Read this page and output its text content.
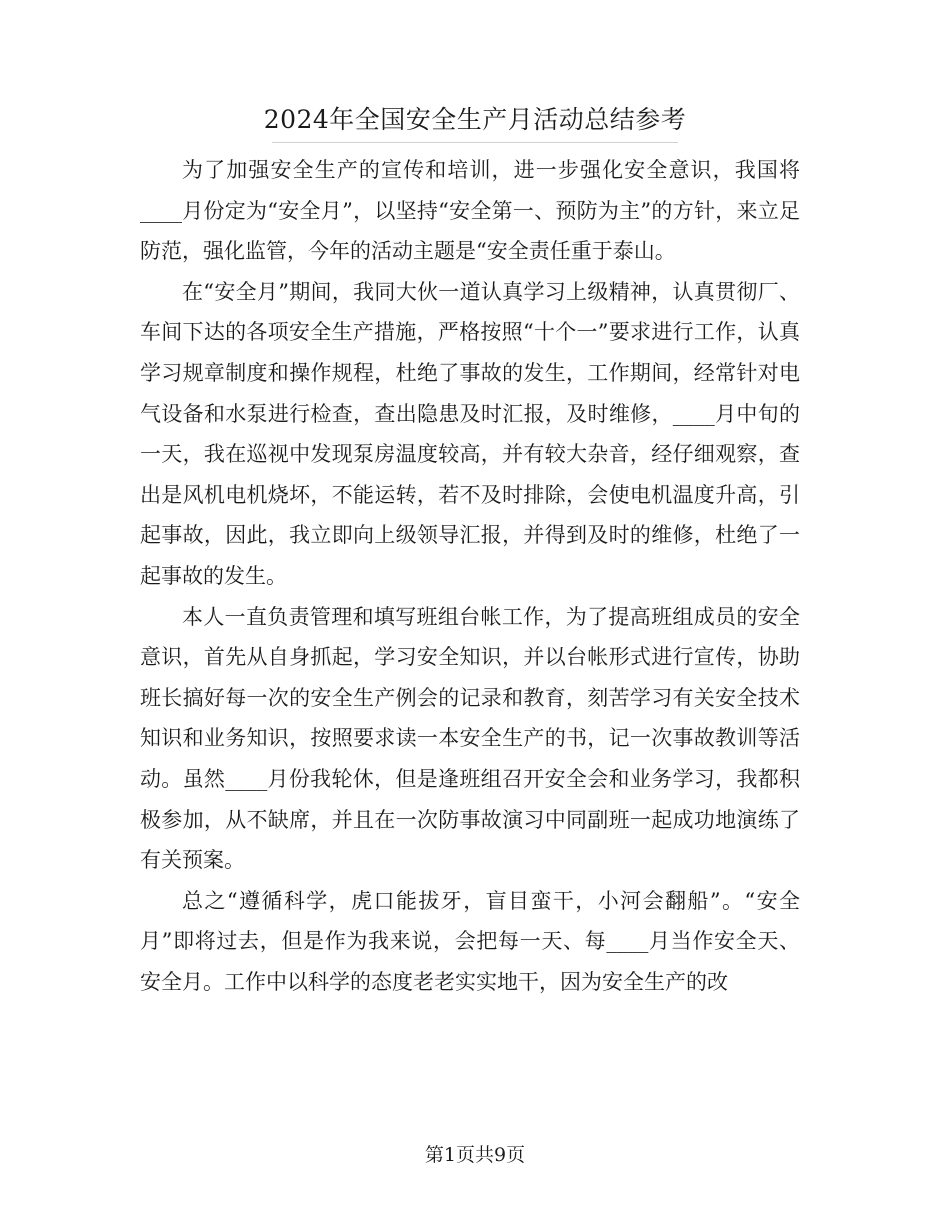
2024年全国安全生产月活动总结参考

为了加强安全生产的宣传和培训，进一步强化安全意识，我国将____月份定为“安全月”，以坚持“安全第一、预防为主”的方针，来立足防范，强化监管，今年的活动主题是“安全责任重于泰山。

在“安全月”期间，我同大伙一道认真学习上级精神，认真贯彻厂、车间下达的各项安全生产措施，严格按照“十个一”要求进行工作，认真学习规章制度和操作规程，杜绝了事故的发生，工作期间，经常针对电气设备和水泵进行检查，查出隐患及时汇报，及时维修，____月中旬的一天，我在巡视中发现泵房温度较高，并有较大杂音，经仔细观察，查出是风机电机烧坏，不能运转，若不及时排除，会使电机温度升高，引起事故，因此，我立即向上级领导汇报，并得到及时的维修，杜绝了一起事故的发生。

本人一直负责管理和填写班组台帐工作，为了提高班组成员的安全意识，首先从自身抓起，学习安全知识，并以台帐形式进行宣传，协助班长搞好每一次的安全生产例会的记录和教育，刻苦学习有关安全技术知识和业务知识，按照要求读一本安全生产的书，记一次事故教训等活动。虽然____月份我轮休，但是逢班组召开安全会和业务学习，我都积极参加，从不缺席，并且在一次防事故演习中同副班一起成功地演练了有关预案。

总之“遵循科学，虎口能拔牙，盲目蛮干，小河会翻船”。“安全月”即将过去，但是作为我来说，会把每一天、每____月当作安全天、安全月。工作中以科学的态度老老实实地干，因为安全生产的改

第1页共9页
